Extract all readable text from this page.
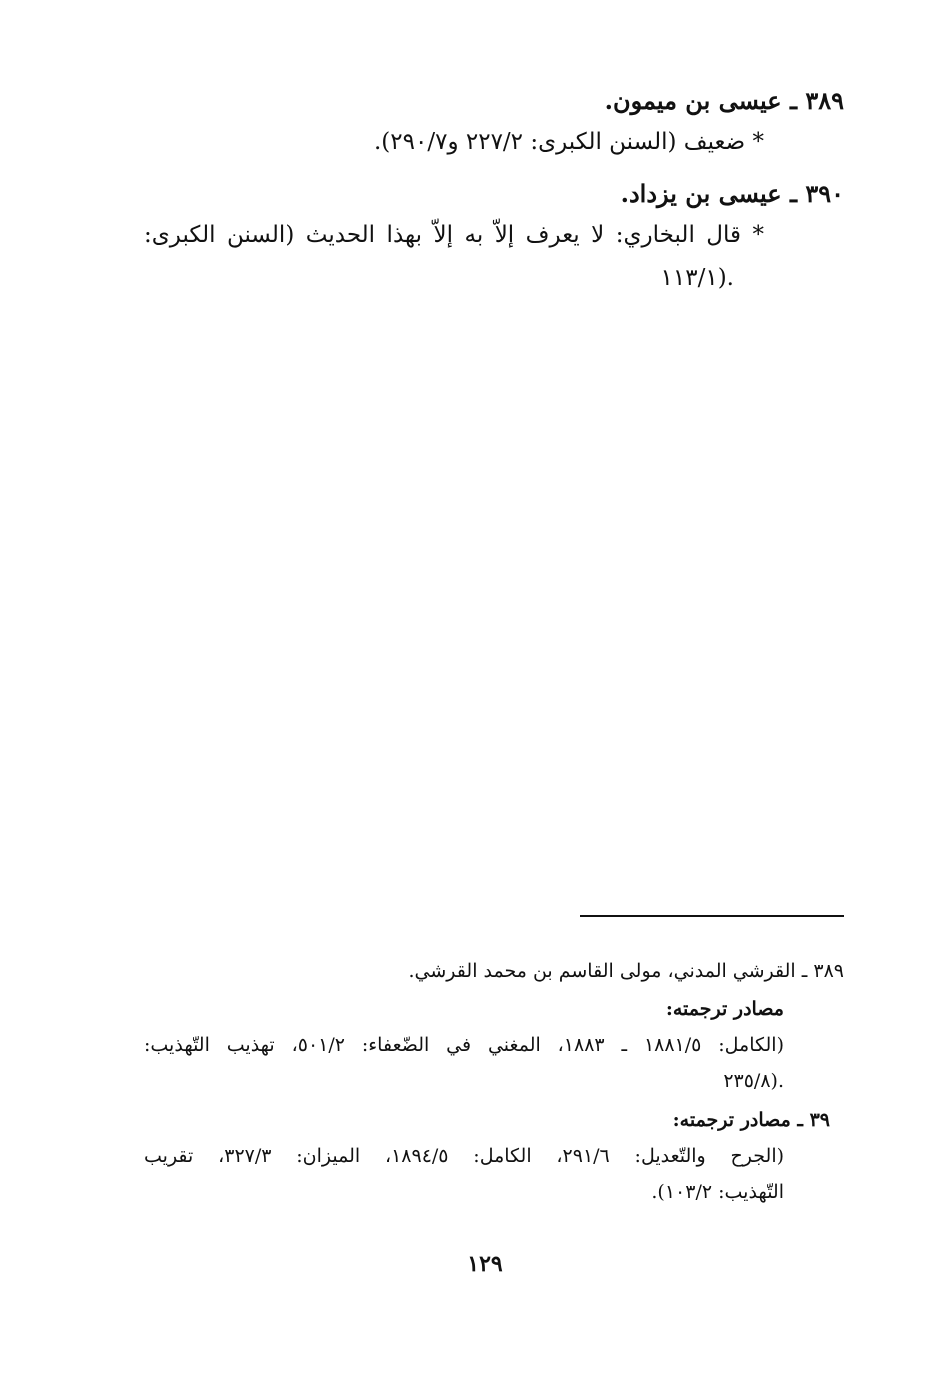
٣٨٩ ـ عيسى بن ميمون.
* ضعيف (السنن الكبرى: ٢٢٧/٢ و٢٩٠/٧).
٣٩٠ ـ عيسى بن يزداد.
* قال البخاري: لا يعرف إلاّ به إلاّ بهذا الحديث (السنن الكبرى:
١١٣/١).
٣٨٩ ـ القرشي المدني، مولى القاسم بن محمد القرشي.
مصادر ترجمته:
(الكامل: ١٨٨١/٥ ـ ١٨٨٣، المغني في الضّعفاء: ٥٠١/٢، تهذيب التّهذيب:
٢٣٥/٨).
٣٩ ـ مصادر ترجمته:
(الجرح والتّعديل: ٢٩١/٦، الكامل: ١٨٩٤/٥، الميزان: ٣٢٧/٣، تقريب
التّهذيب: ١٠٣/٢).
١٢٩
